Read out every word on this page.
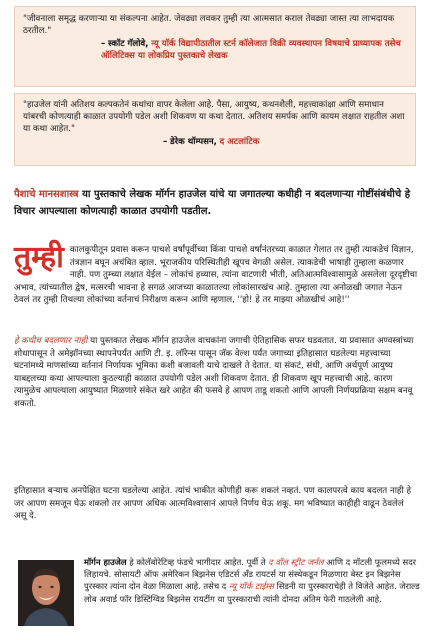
"जीवनाला समृद्ध करणाऱ्या या संकल्पना आहेत. जेवढ्या लवकर तुम्ही त्या आत्मसात कराल तेवढ्या जास्त त्या लाभदायक ठरतील."
– स्कॉट गॅलोवे, न्यू यॉर्क विद्यापीठातील स्टर्न कॉलेजात विक्री व्यवस्थापन विषयाचे प्राध्यापक तसेच ऑलिटिक्स या लोकप्रिय पुस्तकाचे लेखक
"हाउजेल यांनी अतिशय कल्पकतेनं कथांचा वापर केलेला आहे. पैसा, आयुष्य, कथनशैली, महत्त्वाकांक्षा आणि समाधान यांबरची कोणत्याही काळात उपयोगी पडेल अशी शिकवण या कथा देतात. अतिशय समर्पक आणि कायम लक्षात राहतील अशा या कथा आहेत."
– डेरेक थॉम्पसन, द अटलांटिक
पैशाचे मानसशास्त्र या पुस्तकाचे लेखक मॉर्गन हाउजेल यांचे या जगातल्या कधीही न बदलणाऱ्या गोष्टींसंबंधीचे हे विचार आपल्याला कोणत्याही काळात उपयोगी पडतील.
तुम्ही कालकुपीतून प्रवास करून पाचशे वर्षांपूर्वीच्या किंवा पाचशे वर्षांनंतरच्या काळात गेलात तर तुम्ही त्याकडेचं विज्ञान, तंत्रज्ञान बघून अचंबित व्हाल. भूराजकीय परिस्थितीही खूपच वेगळी असेल. त्याकडेची भाषाही तुम्हाला कळणार नाही. पण तुम्च्या लक्षात येईल – लोकांचं हव्यास, त्यांना वाटणारी भीती, अतिआत्मविश्वासामुळे असलेला दूरदृष्टीचा अभाव, त्यांच्यातील द्वेष, मत्सरची भावना हे सगळं आजच्या काळातल्या लोकांसारखंच आहे. तुम्हाला त्या अनोळखी जगात नेऊन ठेवलं तर तुम्ही तिथल्या लोकांच्या वर्तनाचं निरीक्षण करून आणि म्हणाल, ''हो! हे तर माझ्या ओळखीचं आहे!''
हे कधीच बदलणार नाही या पुस्तकात लेखक मॉर्गन हाउजेल वाचकांना जगाची ऐतिहासिक सफर घडवतात. या प्रवासात अण्वस्त्रांच्या शोधापासून ते अमेझॉनच्या स्थापनेपर्यंत आणि टी. इ. लॉरेन्स पासून जॅक वेल्श पर्यंत जगाच्या इतिहासात घडलेल्या महत्त्वाच्या घटनांमध्ये माणसांच्या वर्तनानं निर्णायक भूमिका कशी बजावली याचे दाखले ते देतात. या संकटं, संधी, आणि अर्थपूर्ण आयुष्य याबद्दलच्या कथा आपल्याला कुठल्याही काळात उपयोगी पडेल अशी शिकवण देतात. ही शिकवण खूप महत्त्वाची आहे. कारण त्यामुळेच आपल्याला आयुष्यात मिळणारे संकेत खरे आहेत की फसवे हे आपण ताडू शकतो आणि आपली निर्णयप्रक्रिया सक्षम बनवू शकतो.
इतिहासात बऱ्याच अनपेक्षित घटना घडलेल्या आहेत. त्यांचं भाकीत कोणीही करू शकलं नव्हतं. पण कालपरत्वे काय बदलत नाही हे जर आपण समजून घेऊ शकलो तर आपण अधिक आत्मविश्वासानं आपले निर्णय घेऊ शकू. मग भविष्यात काहीही वाढून ठेवलेलं असू दे.
मॉर्गन हाउजेल हे कोलॅबोरेटिव्ह फंडचे भागीदार आहेत. पूर्वी ते द वॉल स्ट्रीट जर्नल आणि द मॉटली फूलमध्ये सदर लिहायचे. सोसायटी ऑफ अमेरिकन बिझनेस एडिटर्स अँड रायटर्स या संस्थेकडून मिळणारा बेस्ट इन बिझनेस पुरस्कार त्यांना दोन वेळा मिळाला आहे. तसेच द न्यू यॉर्क टाईम्स सिडनी या पुरस्काराचेही ते विजेते आहेत. जेराल्ड लोब अवार्ड फॉर डिस्टिंग्विड बिझनेस रायटींग या पुरस्काराची त्यांनी दोनदा अंतिम फेरी गाठलेली आहे.
